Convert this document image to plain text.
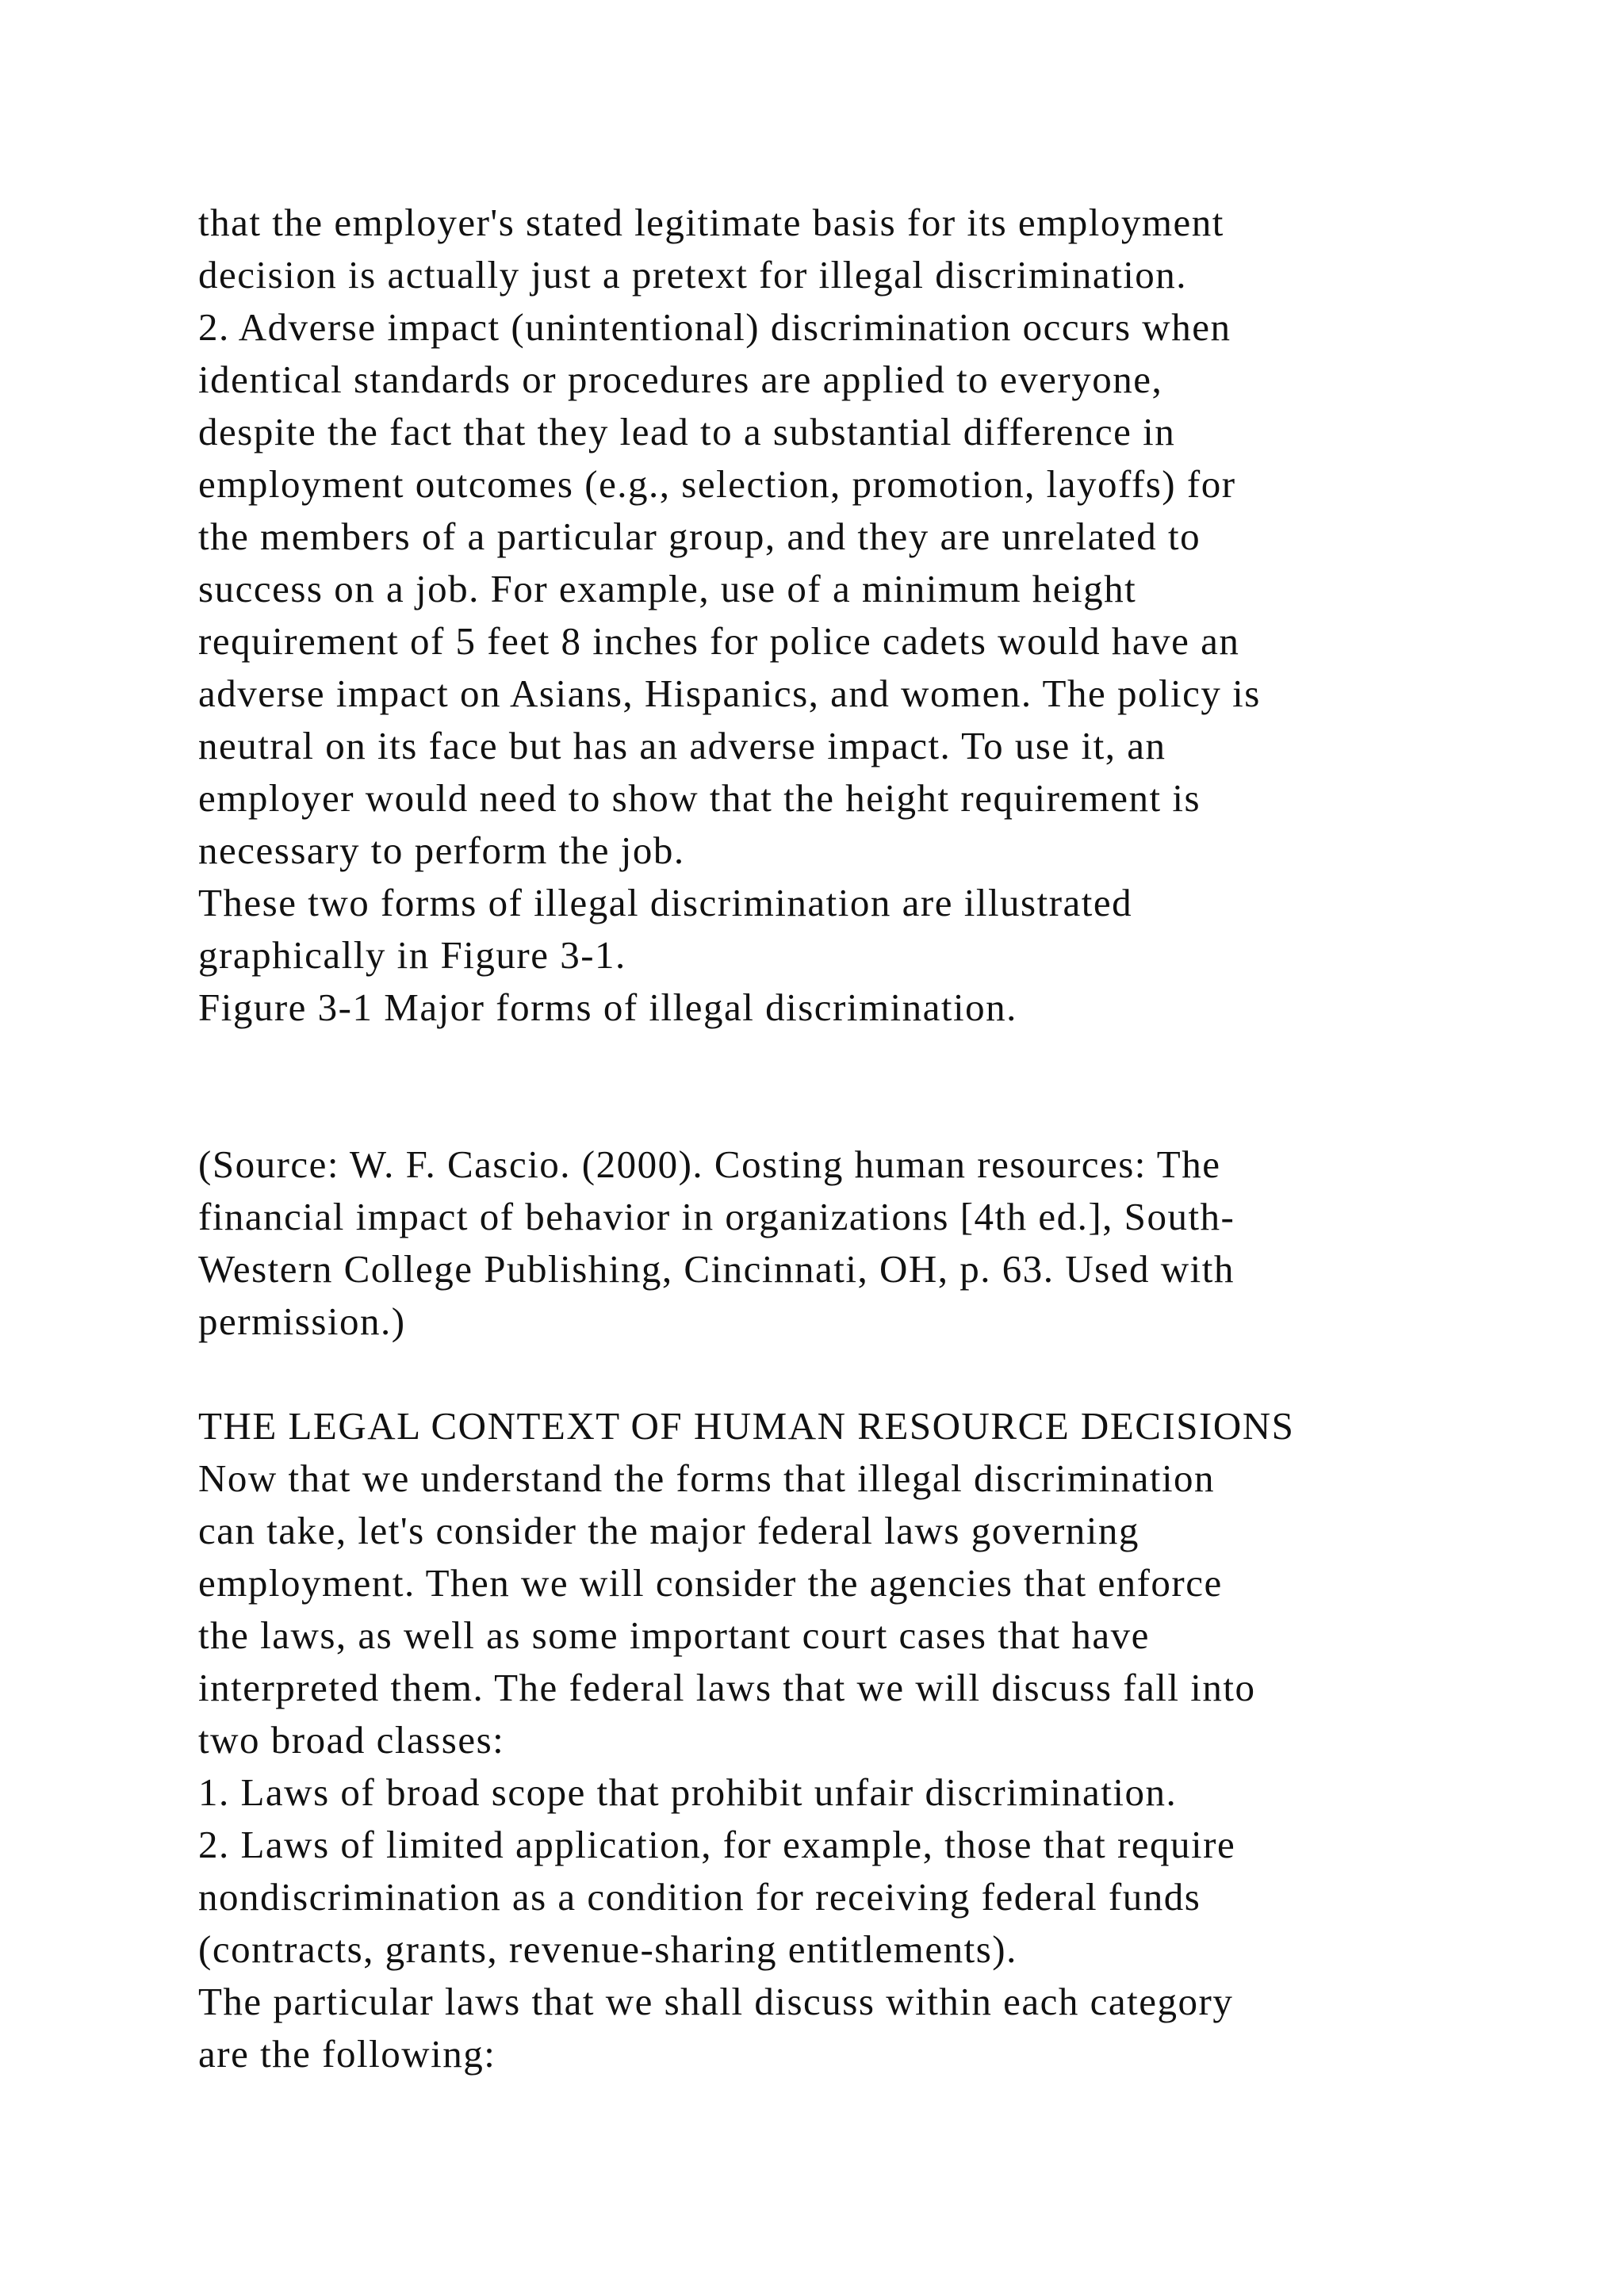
that the employer's stated legitimate basis for its employment
decision is actually just a pretext for illegal discrimination.
2. Adverse impact (unintentional) discrimination occurs when
identical standards or procedures are applied to everyone,
despite the fact that they lead to a substantial difference in
employment outcomes (e.g., selection, promotion, layoffs) for
the members of a particular group, and they are unrelated to
success on a job. For example, use of a minimum height
requirement of 5 feet 8 inches for police cadets would have an
adverse impact on Asians, Hispanics, and women. The policy is
neutral on its face but has an adverse impact. To use it, an
employer would need to show that the height requirement is
necessary to perform the job.
These two forms of illegal discrimination are illustrated
graphically in Figure 3-1.
Figure 3-1 Major forms of illegal discrimination.
(Source: W. F. Cascio. (2000). Costing human resources: The
financial impact of behavior in organizations [4th ed.], South-
Western College Publishing, Cincinnati, OH, p. 63. Used with
permission.)
THE LEGAL CONTEXT OF HUMAN RESOURCE DECISIONS
Now that we understand the forms that illegal discrimination
can take, let's consider the major federal laws governing
employment. Then we will consider the agencies that enforce
the laws, as well as some important court cases that have
interpreted them. The federal laws that we will discuss fall into
two broad classes:
1. Laws of broad scope that prohibit unfair discrimination.
2. Laws of limited application, for example, those that require
nondiscrimination as a condition for receiving federal funds
(contracts, grants, revenue-sharing entitlements).
The particular laws that we shall discuss within each category
are the following:
